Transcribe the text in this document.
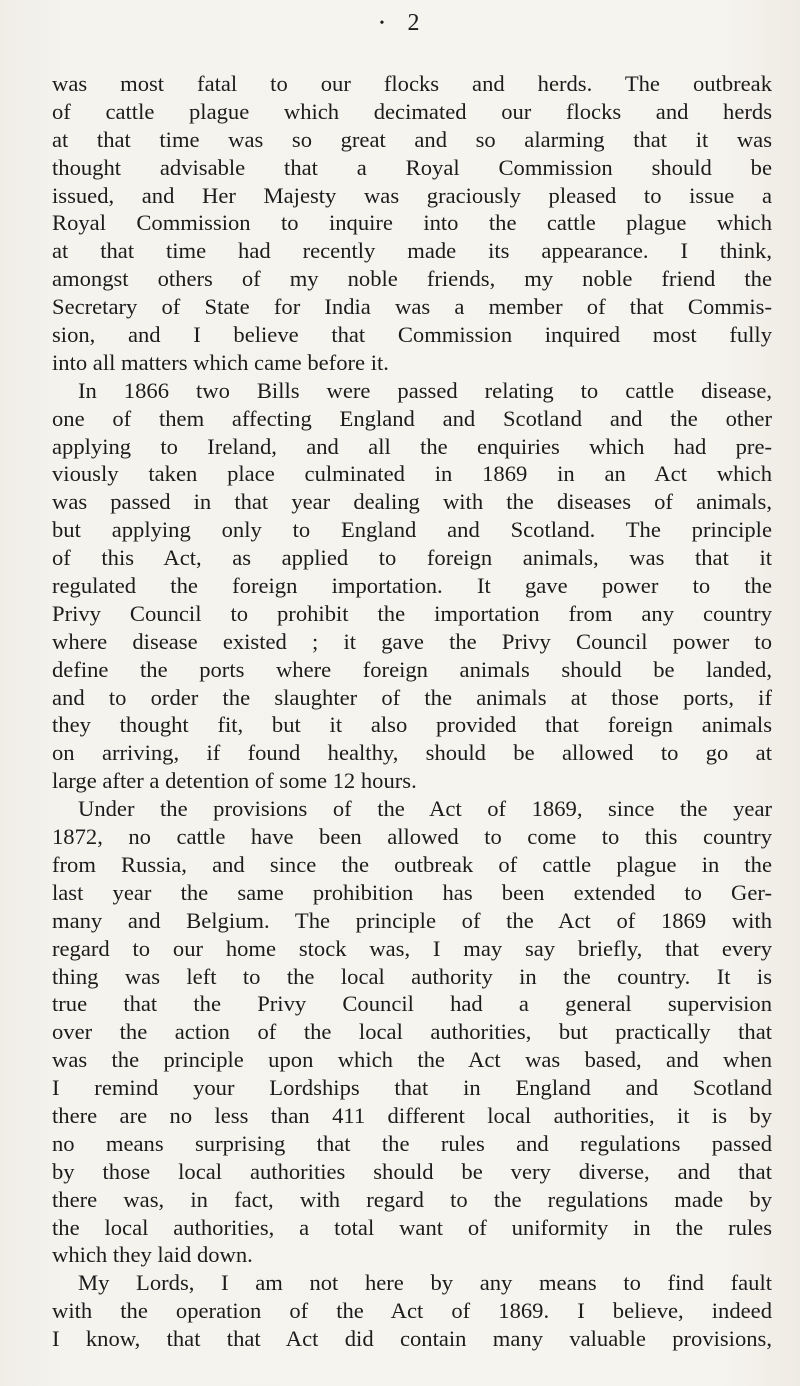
• 2
was most fatal to our flocks and herds. The outbreak
of cattle plague which decimated our flocks and herds
at that time was so great and so alarming that it was
thought advisable that a Royal Commission should be
issued, and Her Majesty was graciously pleased to issue a
Royal Commission to inquire into the cattle plague which
at that time had recently made its appearance. I think,
amongst others of my noble friends, my noble friend the
Secretary of State for India was a member of that Commis-
sion, and I believe that Commission inquired most fully
into all matters which came before it.
In 1866 two Bills were passed relating to cattle disease,
one of them affecting England and Scotland and the other
applying to Ireland, and all the enquiries which had pre-
viously taken place culminated in 1869 in an Act which
was passed in that year dealing with the diseases of animals,
but applying only to England and Scotland. The principle
of this Act, as applied to foreign animals, was that it
regulated the foreign importation. It gave power to the
Privy Council to prohibit the importation from any country
where disease existed ; it gave the Privy Council power to
define the ports where foreign animals should be landed,
and to order the slaughter of the animals at those ports, if
they thought fit, but it also provided that foreign animals
on arriving, if found healthy, should be allowed to go at
large after a detention of some 12 hours.
Under the provisions of the Act of 1869, since the year
1872, no cattle have been allowed to come to this country
from Russia, and since the outbreak of cattle plague in the
last year the same prohibition has been extended to Ger-
many and Belgium. The principle of the Act of 1869 with
regard to our home stock was, I may say briefly, that every
thing was left to the local authority in the country. It is
true that the Privy Council had a general supervision
over the action of the local authorities, but practically that
was the principle upon which the Act was based, and when
I remind your Lordships that in England and Scotland
there are no less than 411 different local authorities, it is by
no means surprising that the rules and regulations passed
by those local authorities should be very diverse, and that
there was, in fact, with regard to the regulations made by
the local authorities, a total want of uniformity in the rules
which they laid down.
My Lords, I am not here by any means to find fault
with the operation of the Act of 1869. I believe, indeed
I know, that that Act did contain many valuable provisions,
